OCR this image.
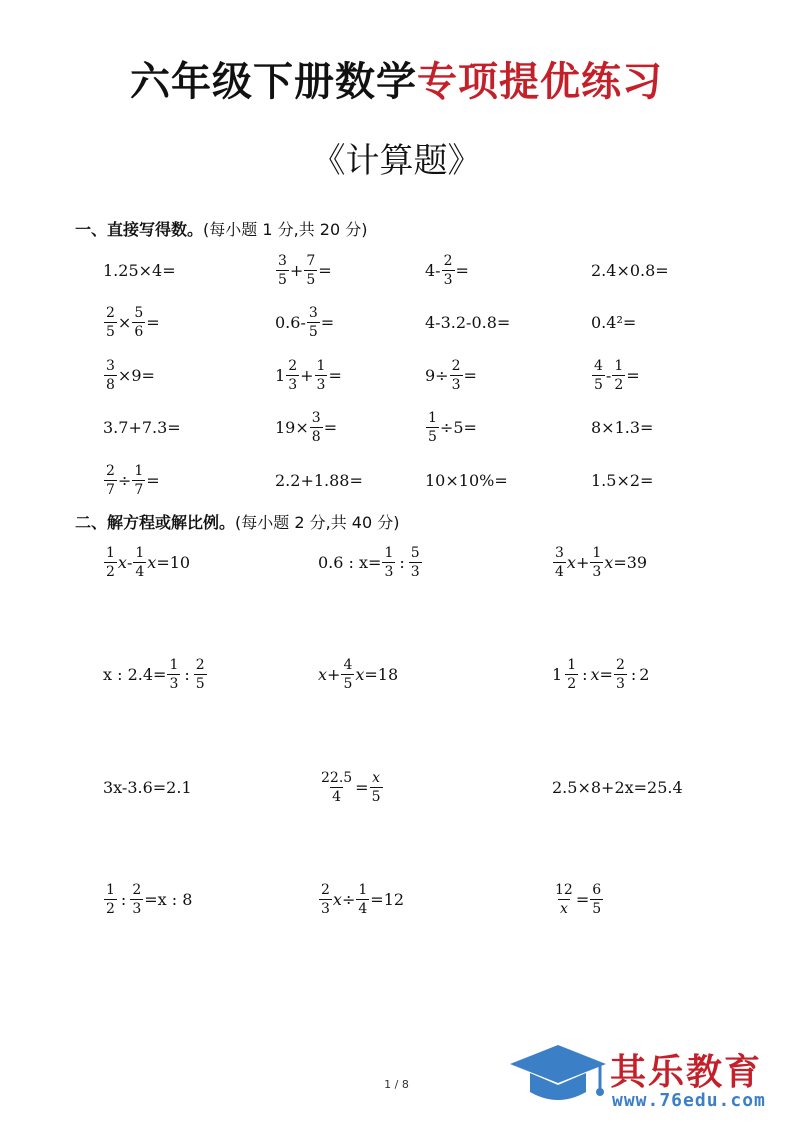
六年级下册数学专项提优练习
《计算题》
一、直接写得数。(每小题 1 分,共 20 分)
1.25×4=	$\frac{3}{5} + \frac{7}{5}$ =	$4- \frac{2}{3}$ =	2.4×0.8=
$\frac{2}{5} \times \frac{5}{6}$ =	$0.6- \frac{3}{5}$ =	4-3.2-0.8=	0.4²=
$\frac{3}{8} \times 9$ =	$1 \frac{2}{3} + \frac{1}{3}$ =	$9\div \frac{2}{3}$ =	$\frac{4}{5} - \frac{1}{2}$ =
3.7+7.3=	$19\times \frac{3}{8}$ =	$\frac{1}{5} \div 5$ =	8×1.3=
$\frac{2}{7} \div \frac{1}{7}$ =	2.2+1.88=	10×10%=	1.5×2=
二、解方程或解比例。(每小题 2 分,共 40 分)
$\frac{1}{2}$ x - $\frac{1}{4}$ x = 10	0.6 : $x= \frac{1}{3}$ : $\frac{5}{3}$	$\frac{3}{4}$ $x + \frac{1}{3}$ x = 39
x : $2.4= \frac{1}{3}$ : $\frac{2}{5}$	$x + \frac{4}{5}$ x = 18	$1 \frac{1}{2}$ : $x = \frac{2}{3}$ : 2
3x-3.6=2.1	$\frac{22.5}{4} = \frac{x}{5}$	2.5×8+2x=25.4
$\frac{1}{2}$ : $\frac{2}{3} =x$ : 8	$\frac{2}{3}$ $x \div \frac{1}{4} = 12$	$\frac{12}{x} = \frac{6}{5}$
1 / 8	其乐教育
www.76edu.com
